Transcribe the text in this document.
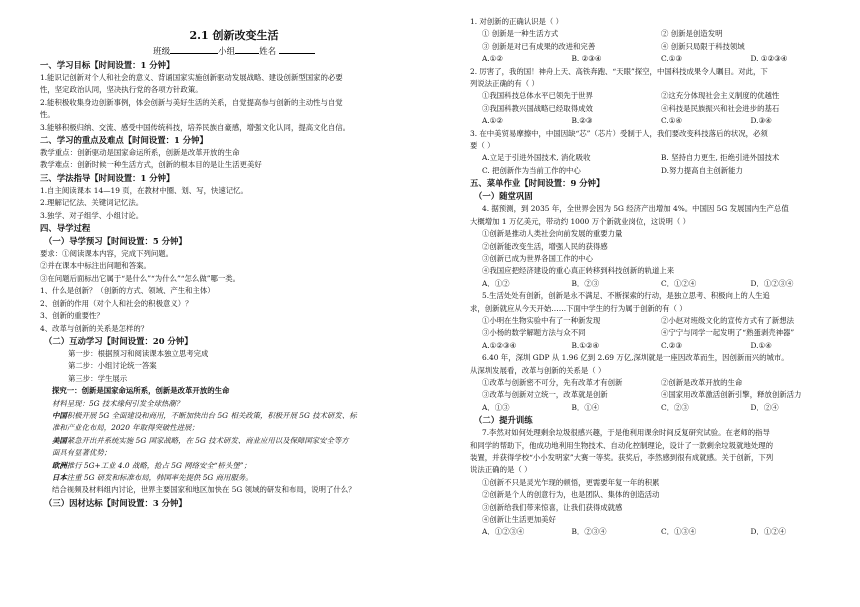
2.1 创新改变生活
班级	小组	姓名
一、学习目标【时间设置：1 分钟】
1.能识记创新对个人和社会的意义、背诵国家实施创新驱动发展战略、建设创新型国家的必要
性，坚定政治认同，坚决执行党的各项方针政策。
2.能积极收集身边创新事例，体会创新与美好生活的关系，自觉提高参与创新的主动性与自觉
性。
3.能够积极归纳、交流、感受中国传统科技，培养民族自豪感，增强文化认同，提高文化自信。
二、学习的重点及难点【时间设置：1 分钟】
教学重点：创新驱动是国家命运所系，创新是改革开放的生命
教学难点：创新时候一种生活方式，创新的根本目的是让生活更美好
三、学法指导【时间设置：1 分钟】
1.自主阅读课本 14—19 页，在教材中圈、划、写，快速记忆。
2.理解记忆法、关键词记忆法。
3.独学、对子组学、小组讨论。
四、导学过程
（一）导学预习【时间设置：5 分钟】
要求：①阅读课本内容，完成下列问题。
②并在课本中标注出问题和答案。
③在问题后面标出它属于“是什么”“为什么”“怎么做”哪一类。
1、什么是创新？（创新的方式、领域、产生和主体）
2、创新的作用（对个人和社会的积极意义）？
3、创新的重要性？
4、改革与创新的关系是怎样的？
（二）互动学习【时间设置：20 分钟】
第一步：根据预习和阅读课本独立思考完成
第二步：小组讨论统一答案
第三步：学生展示
探究一：创新是国家命运所系，创新是改革开放的生命
材料呈现：5G 技术缘何引发全球热潮？
中国积极开展 5G 全面建设和商用，不断加快出台 5G 相关政策，积极开展 5G 技术研发、标
准和产业化布局，2020 年取得突破性进展；
美国紧急开出并系统实施 5G 国家战略，在 5G 技术研发、商业应用以及保障国家安全等方
面具有显著优势；
欧洲推行 5G+工业 4.0 战略，抢占 5G 网络安全“桥头堡”；
日本注重 5G 研发和标准布局，韩国率先提供 5G 商用服务。
结合视频及材料组内讨论，世界主要国家和地区加快在 5G 领域的研发和布局，说明了什么？
（三）因材达标【时间设置：3 分钟】
1. 对创新的正确认识是（ ）
① 创新是一种生活方式	② 创新是创造发明
③ 创新是对已有成果的改进和完善	④ 创新只局限于科技领域
A.①②	B. ②③④	C.①③	D. ①②③④
2. 厉害了，我的国！神舟上天、高铁奔跑、“天眼”探空，中国科技成果令人瞩目。对此，下
列说法正确的有（ ）
①我国科技总体水平已领先于世界	②这充分体现社会主义制度的优越性
③我国科教兴国战略已经取得成效	④科技是民族振兴和社会进步的基石
A.①②	B.②③	C.①④	D.③④
3. 在中美贸易摩擦中，中国因缺“芯”（芯片）受制于人，我们要改变科技落后的状况，必须
要（ ）
A.立足于引进外国技术, 消化吸收	B. 坚持自力更生, 拒绝引进外国技术
C. 把创新作为当前工作的中心	D.努力提高自主创新能力
五、菜单作业【时间设置：9 分钟】
（一）随堂巩固
4. 据预测，到 2035 年，全世界会因为 5G 经济产出增加 4%。中国因 5G 发展国内生产总值
大概增加 1 万亿美元，带动约 1000 万个新就业岗位，这说明（ ）
①创新是推动人类社会向前发展的重要力量
②创新能改变生活，增强人民的获得感
③创新已成为世界各国工作的中心
④我国应把经济建设的重心真正转移到科技创新的轨道上来
A．①②	B．②③	C．①②④	D．①②③④
5.生活处处有创新，创新是永不满足、不断探索的行动，是独立思考、积极向上的人生追
求，创新就应从今天开始……下面中学生的行为属于创新的有（ ）
①小明在生物实验中有了一种新发现	②小赵对班级文化的宣传方式有了新想法
③小杨的数学解题方法与众不同	④宁宁与同学一起发明了“熟蛋剥壳神器”
A.①②③④	B.①②④	C.②③	D.①④
6.40 年，深圳 GDP 从 1.96 亿到 2.69 万亿,深圳就是一座因改革而生，因创新而兴的城市。
从深圳发展看，改革与创新的关系是（ ）
①改革与创新密不可分，先有改革才有创新	②创新是改革开放的生命
③改革与创新对立统一，改革就是创新	④国家用改革激活创新引擎，释放创新活力
A．①③	B．①④	C．②③	D．②④
（二）提升训练
7.李然对如何处理剩余垃圾很感兴趣，于是他利用课余时间反复研究试验。在老师的指导
和同学的帮助下，他成功地利用生物技术、自动化控制理论，设计了一款剩余垃圾就地处理的
装置，并获得学校“小小发明家”大赛一等奖。获奖后，李然感到很有成就感。关于创新，下列
说法正确的是（ ）
①创新不只是灵光乍现的顿悟，更需要年复一年的积累
②创新是个人的创意行为，也是团队、集体的创造活动
③创新给我们带来惊喜，让我们获得成就感
④创新让生活更加美好
A．①②③④	B．②③④	C．①③④	D．①②④
